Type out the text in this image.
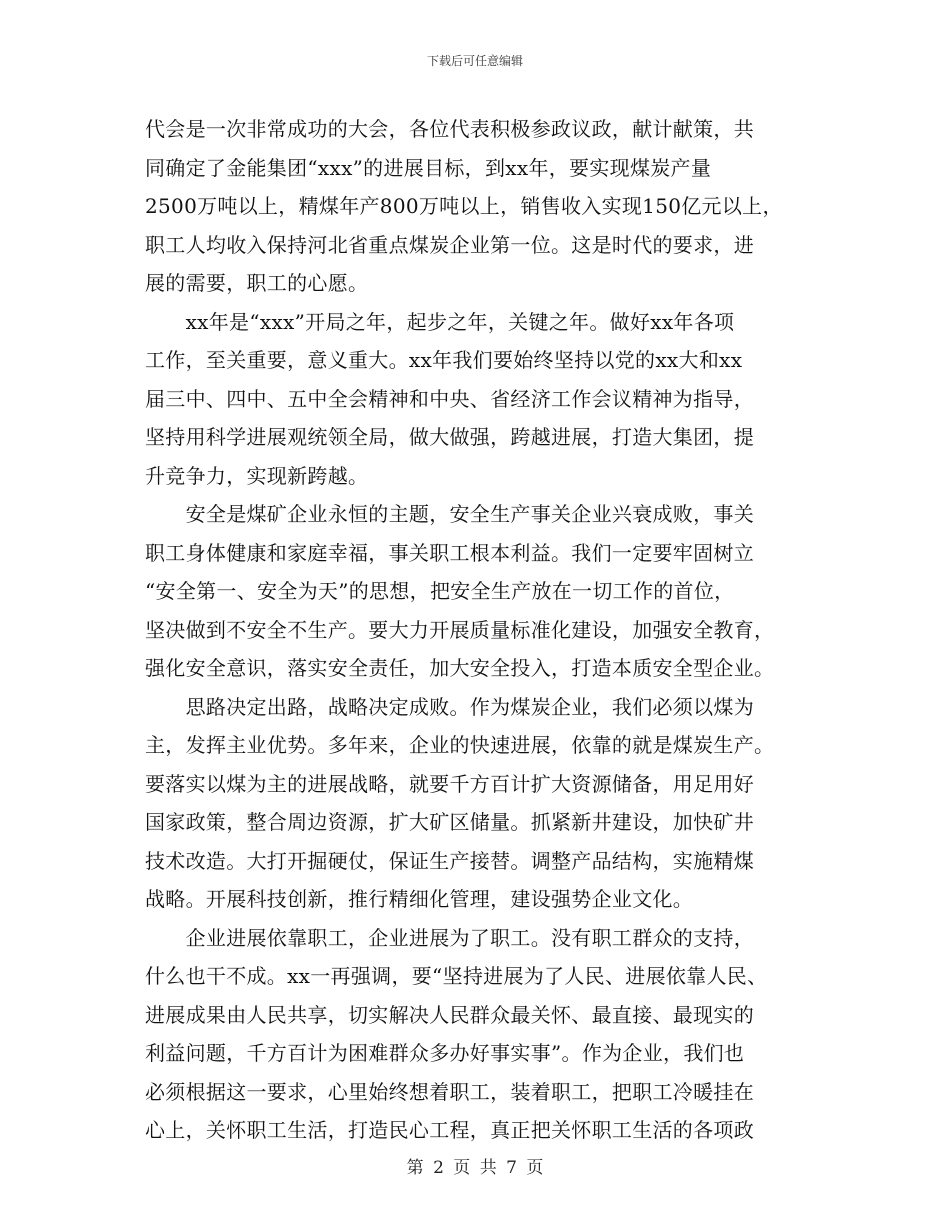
下载后可任意编辑
代会是一次非常成功的大会，各位代表积极参政议政，献计献策，共
同确定了金能集团“xxx”的进展目标，到xx年，要实现煤炭产量
2500万吨以上，精煤年产800万吨以上，销售收入实现150亿元以上，
职工人均收入保持河北省重点煤炭企业第一位。这是时代的要求，进
展的需要，职工的心愿。
　　xx年是“xxx”开局之年，起步之年，关键之年。做好xx年各项
工作，至关重要，意义重大。xx年我们要始终坚持以党的xx大和xx
届三中、四中、五中全会精神和中央、省经济工作会议精神为指导，
坚持用科学进展观统领全局，做大做强，跨越进展，打造大集团，提
升竞争力，实现新跨越。
　　安全是煤矿企业永恒的主题，安全生产事关企业兴衰成败，事关
职工身体健康和家庭幸福，事关职工根本利益。我们一定要牢固树立
“安全第一、安全为天”的思想，把安全生产放在一切工作的首位，
坚决做到不安全不生产。要大力开展质量标准化建设，加强安全教育，
强化安全意识，落实安全责任，加大安全投入，打造本质安全型企业。
　　思路决定出路，战略决定成败。作为煤炭企业，我们必须以煤为
主，发挥主业优势。多年来，企业的快速进展，依靠的就是煤炭生产。
要落实以煤为主的进展战略，就要千方百计扩大资源储备，用足用好
国家政策，整合周边资源，扩大矿区储量。抓紧新井建设，加快矿井
技术改造。大打开掘硬仗，保证生产接替。调整产品结构，实施精煤
战略。开展科技创新，推行精细化管理，建设强势企业文化。
　　企业进展依靠职工，企业进展为了职工。没有职工群众的支持，
什么也干不成。xx一再强调，要“坚持进展为了人民、进展依靠人民、
进展成果由人民共享，切实解决人民群众最关怀、最直接、最现实的
利益问题，千方百计为困难群众多办好事实事”。作为企业，我们也
必须根据这一要求，心里始终想着职工，装着职工，把职工冷暖挂在
心上，关怀职工生活，打造民心工程，真正把关怀职工生活的各项政
第 2 页 共 7 页
